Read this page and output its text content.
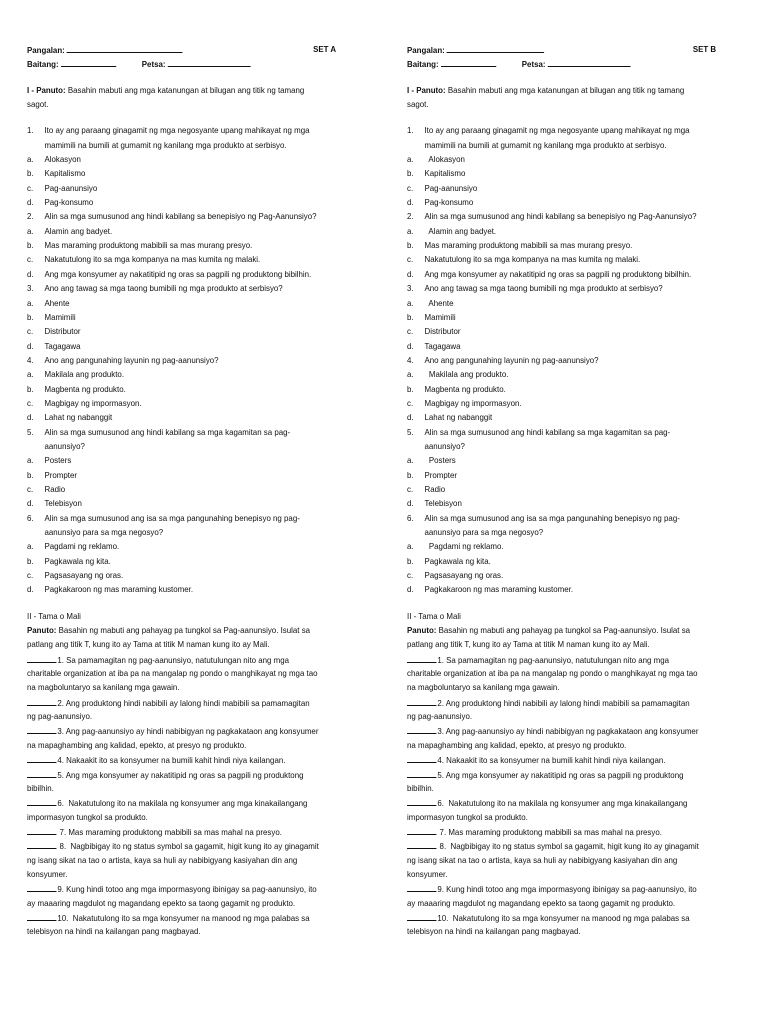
Pangalan:	SET A
Baitang:	Petsa:
I - Panuto: Basahin mabuti ang mga katanungan at bilugan ang titik ng tamang
sagot.
1.	Ito ay ang paraang ginagamit ng mga negosyante upang mahikayat ng mga
mamimili na bumili at gumamit ng kanilang mga produkto at serbisyo.
a.	Alokasyon
b.	Kapitalismo
c.	Pag-aanunsiyo
d.	Pag-konsumo
2.	Alin sa mga sumusunod ang hindi kabilang sa benepisiyo ng Pag-Aanunsiyo?
a.	Alamin ang badyet.
b.	Mas maraming produktong mabibili sa mas murang presyo.
c.	Nakatutulong ito sa mga kompanya na mas kumita ng malaki.
d.	Ang mga konsyumer ay nakatitipid ng oras sa pagpili ng produktong bibilhin.
3.	Ano ang tawag sa mga taong bumibili ng mga produkto at serbisyo?
a.	Ahente
b.	Mamimili
c.	Distributor
d.	Tagagawa
4.	Ano ang pangunahing layunin ng pag-aanunsiyo?
a.	Makilala ang produkto.
b.	Magbenta ng produkto.
c.	Magbigay ng impormasyon.
d.	Lahat ng nabanggit
5.	Alin sa mga sumusunod ang hindi kabilang sa mga kagamitan sa pag-
aanunsiyo?
a.	Posters
b.	Prompter
c.	Radio
d.	Telebisyon
6.	Alin sa mga sumusunod ang isa sa mga pangunahing benepisyo ng pag-
aanunsiyo para sa mga negosyo?
a.	Pagdami ng reklamo.
b.	Pagkawala ng kita.
c.	Pagsasayang ng oras.
d.	Pagkakaroon ng mas maraming kustomer.
II - Tama o Mali
Panuto: Basahin ng mabuti ang pahayag pa tungkol sa Pag-aanunsiyo. Isulat sa
patlang ang titik T, kung ito ay Tama at titik M naman kung ito ay Mali.
1. Sa pamamagitan ng pag-aanunsiyo, natutulungan nito ang mga
charitable organization at iba pa na mangalap ng pondo o manghikayat ng mga tao
na magboluntaryo sa kanilang mga gawain.
2. Ang produktong hindi nabibili ay lalong hindi mabibili sa pamamagitan
ng pag-aanunsiyo.
3. Ang pag-aanunsiyo ay hindi nabibigyan ng pagkakataon ang konsyumer
na mapaghambing ang kalidad, epekto, at presyo ng produkto.
4. Nakaakit ito sa konsyumer na bumili kahit hindi niya kailangan.
5. Ang mga konsyumer ay nakatitipid ng oras sa pagpili ng produktong
bibilhin.
6.  Nakatutulong ito na makilala ng konsyumer ang mga kinakailangang
impormasyon tungkol sa produkto.
7. Mas maraming produktong mabibili sa mas mahal na presyo.
8.  Nagbibigay ito ng status symbol sa gagamit, higit kung ito ay ginagamit
ng isang sikat na tao o artista, kaya sa huli ay nabibigyang kasiyahan din ang
konsyumer.
9. Kung hindi totoo ang mga impormasyong ibinigay sa pag-aanunsiyo, ito
ay maaaring magdulot ng magandang epekto sa taong gagamit ng produkto.
10.  Nakatutulong ito sa mga konsyumer na manood ng mga palabas sa
telebisyon na hindi na kailangan pang magbayad.
Pangalan:	SET B
Baitang:	Petsa:
I - Panuto: Basahin mabuti ang mga katanungan at bilugan ang titik ng tamang
sagot.
1.	Ito ay ang paraang ginagamit ng mga negosyante upang mahikayat ng mga
mamimili na bumili at gumamit ng kanilang mga produkto at serbisyo.
a.	Alokasyon
b.	Kapitalismo
c.	Pag-aanunsiyo
d.	Pag-konsumo
2.	Alin sa mga sumusunod ang hindi kabilang sa benepisiyo ng Pag-Aanunsiyo?
a.	Alamin ang badyet.
b.	Mas maraming produktong mabibili sa mas murang presyo.
c.	Nakatutulong ito sa mga kompanya na mas kumita ng malaki.
d.	Ang mga konsyumer ay nakatitipid ng oras sa pagpili ng produktong bibilhin.
3.	Ano ang tawag sa mga taong bumibili ng mga produkto at serbisyo?
a.	Ahente
b.	Mamimili
c.	Distributor
d.	Tagagawa
4.	Ano ang pangunahing layunin ng pag-aanunsiyo?
a.	Makilala ang produkto.
b.	Magbenta ng produkto.
c.	Magbigay ng impormasyon.
d.	Lahat ng nabanggit
5.	Alin sa mga sumusunod ang hindi kabilang sa mga kagamitan sa pag-
aanunsiyo?
a.	Posters
b.	Prompter
c.	Radio
d.	Telebisyon
6.	Alin sa mga sumusunod ang isa sa mga pangunahing benepisyo ng pag-
aanunsiyo para sa mga negosyo?
a.	Pagdami ng reklamo.
b.	Pagkawala ng kita.
c.	Pagsasayang ng oras.
d.	Pagkakaroon ng mas maraming kustomer.
II - Tama o Mali
Panuto: Basahin ng mabuti ang pahayag pa tungkol sa Pag-aanunsiyo. Isulat sa
patlang ang titik T, kung ito ay Tama at titik M naman kung ito ay Mali.
1. Sa pamamagitan ng pag-aanunsiyo, natutulungan nito ang mga
charitable organization at iba pa na mangalap ng pondo o manghikayat ng mga tao
na magboluntaryo sa kanilang mga gawain.
2. Ang produktong hindi nabibili ay lalong hindi mabibili sa pamamagitan
ng pag-aanunsiyo.
3. Ang pag-aanunsiyo ay hindi nabibigyan ng pagkakataon ang konsyumer
na mapaghambing ang kalidad, epekto, at presyo ng produkto.
4. Nakaakit ito sa konsyumer na bumili kahit hindi niya kailangan.
5. Ang mga konsyumer ay nakatitipid ng oras sa pagpili ng produktong
bibilhin.
6.  Nakatutulong ito na makilala ng konsyumer ang mga kinakailangang
impormasyon tungkol sa produkto.
7. Mas maraming produktong mabibili sa mas mahal na presyo.
8.  Nagbibigay ito ng status symbol sa gagamit, higit kung ito ay ginagamit
ng isang sikat na tao o artista, kaya sa huli ay nabibigyang kasiyahan din ang
konsyumer.
9. Kung hindi totoo ang mga impormasyong ibinigay sa pag-aanunsiyo, ito
ay maaaring magdulot ng magandang epekto sa taong gagamit ng produkto.
10.  Nakatutulong ito sa mga konsyumer na manood ng mga palabas sa
telebisyon na hindi na kailangan pang magbayad.
